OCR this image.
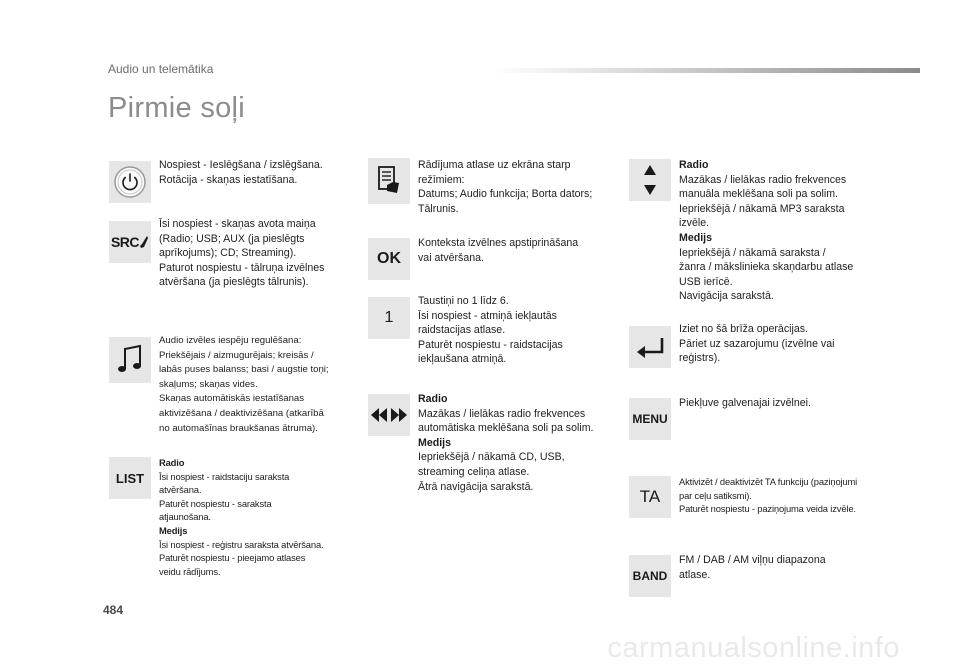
Audio un telemātika
Pirmie soļi
Nospiest - Ieslēgšana / izslēgšana.
Rotācija - skaņas iestatīšana.
SRC
Īsi nospiest - skaņas avota maiņa
(Radio; USB; AUX (ja pieslēgts
aprīkojums); CD; Streaming).
Paturot nospiestu - tālruņa izvēlnes
atvēršana (ja pieslēgts tālrunis).
Audio izvēles iespēju regulēšana:
Priekšējais / aizmugurējais; kreisās /
labās puses balanss; basi / augstie toņi;
skaļums; skaņas vides.
Skaņas automātiskās iestatīšanas
aktivizēšana / deaktivizēšana (atkarībā
no automašīnas braukšanas ātruma).
LIST
Radio
Īsi nospiest - raidstaciju saraksta
atvēršana.
Paturēt nospiestu - saraksta
atjaunošana.
Medijs
Īsi nospiest - reģistru saraksta atvēršana.
Paturēt nospiestu - pieejamo atlases
veidu rādījums.
Rādījuma atlase uz ekrāna starp
režīmiem:
Datums; Audio funkcija; Borta dators;
Tālrunis.
OK
Konteksta izvēlnes apstiprināšana
vai atvēršana.
1
Taustiņi no 1 līdz 6.
Īsi nospiest - atmiņā iekļautās
raidstacijas atlase.
Paturēt nospiestu - raidstacijas
iekļaušana atmiņā.
Radio
Mazākas / lielākas radio frekvences
automātiska meklēšana soli pa solim.
Medijs
Iepriekšējā / nākamā CD, USB,
streaming celiņa atlase.
Ātrā navigācija sarakstā.
Radio
Mazākas / lielākas radio frekvences
manuāla meklēšana soli pa solim.
Iepriekšējā / nākamā MP3 saraksta
izvēle.
Medijs
Iepriekšējā / nākamā saraksta /
žanra / mākslinieka skaņdarbu atlase
USB ierīcē.
Navigācija sarakstā.
Iziet no šā brīža operācijas.
Pāriet uz sazarojumu (izvēlne vai
reģistrs).
MENU
Piekļuve galvenajai izvēlnei.
TA
Aktivizēt / deaktivizēt TA funkciju (paziņojumi
par ceļu satiksmi).
Paturēt nospiestu - paziņojuma veida izvēle.
BAND
FM / DAB / AM viļņu diapazona
atlase.
484
carmanualsonline.info
